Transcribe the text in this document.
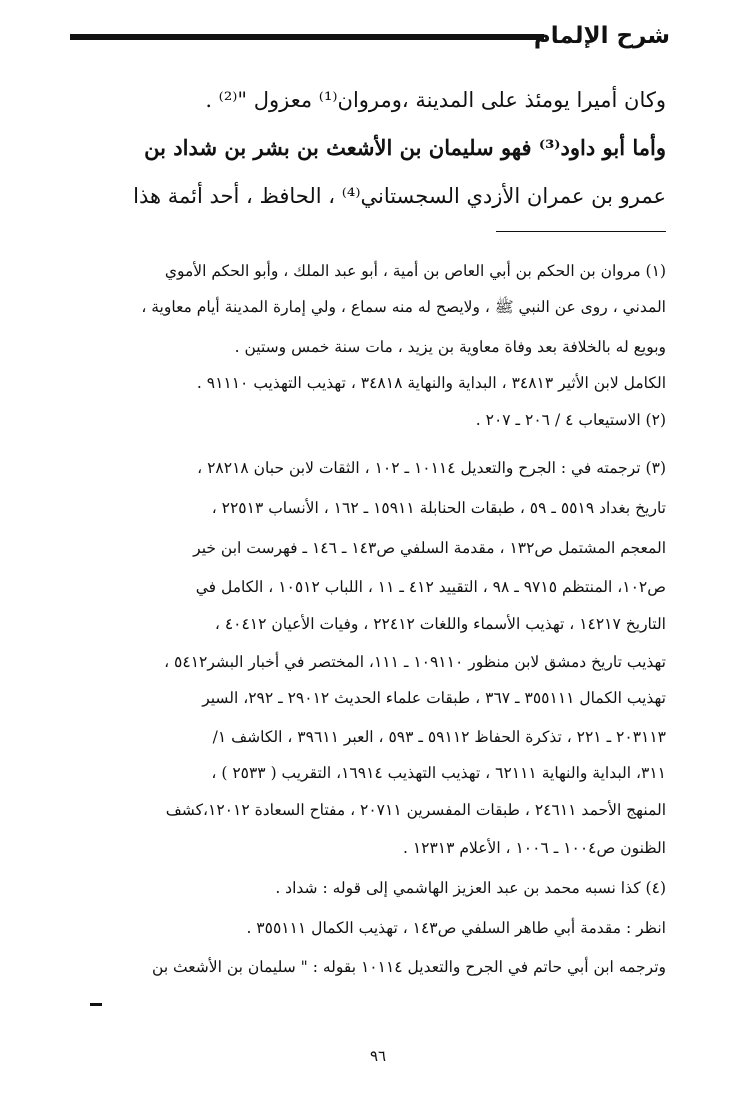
شرح الإلمام
وكان أميرا يومئذ على المدينة ،ومروان⁽¹⁾ معزول "⁽²⁾ .
وأما أبو داود⁽³⁾ فهو سليمان بن الأشعث بن بشر بن شداد بن
عمرو بن عمران الأزدي السجستاني⁽⁴⁾ ، الحافظ ، أحد أئمة هذا
(١) مروان بن الحكم بن أبي العاص بن أمية ، أبو عبد الملك ، وأبو الحكم الأموي
المدني ، روى عن النبي ﷺ ، ولايصح له منه سماع ، ولي إمارة المدينة أيام معاوية ،
وبويع له بالخلافة بعد وفاة معاوية بن يزيد ، مات سنة خمس وستين .
الكامل لابن الأثير ٣٤٨١٣ ، البداية والنهاية ٣٤٨١٨ ، تهذيب التهذيب ٩١١١٠ .
(٢) الاستيعاب ٤ / ٢٠٦ ـ ٢٠٧ .
(٣) ترجمته في : الجرح والتعديل ١٠١١٤ ـ ١٠٢ ، الثقات لابن حبان ٢٨٢١٨ ،
تاريخ بغداد ٥٥١٩ ـ ٥٩ ، طبقات الحنابلة ١٥٩١١ ـ ١٦٢ ، الأنساب ٢٢٥١٣ ،
المعجم المشتمل ص١٣٢ ، مقدمة السلفي ص١٤٣ ـ ١٤٦ ـ فهرست ابن خير
ص١٠٢، المنتظم ٩٧١٥ ـ ٩٨ ، التقييد ٤١٢ ـ ١١ ، اللباب ١٠٥١٢ ، الكامل في
التاريخ ١٤٢١٧ ، تهذيب الأسماء واللغات ٢٢٤١٢ ، وفيات الأعيان ٤٠٤١٢ ،
تهذيب تاريخ دمشق لابن منظور ١٠٩١١٠ ـ ١١١، المختصر في أخبار البشر٥٤١٢ ،
تهذيب الكمال ٣٥٥١١١ ـ ٣٦٧ ، طبقات علماء الحديث ٢٩٠١٢ ـ ٢٩٢، السير
٢٠٣١١٣ ـ ٢٢١ ، تذكرة الحفاظ ٥٩١١٢ ـ ٥٩٣ ، العبر ٣٩٦١١ ، الكاشف ١/
٣١١، البداية والنهاية ٦٢١١١ ، تهذيب التهذيب ١٦٩١٤، التقريب ( ٢٥٣٣ ) ،
المنهج الأحمد ٢٤٦١١ ، طبقات المفسرين ٢٠٧١١ ، مفتاح السعادة ١٢٠١٢،كشف
الظنون ص١٠٠٤ ـ ١٠٠٦ ، الأعلام ١٢٣١٣ .
(٤) كذا نسبه محمد بن عبد العزيز الهاشمي إلى قوله : شداد .
انظر : مقدمة أبي طاهر السلفي ص١٤٣ ، تهذيب الكمال ٣٥٥١١١ .
وترجمه ابن أبي حاتم في الجرح والتعديل ١٠١١٤ بقوله : " سليمان بن الأشعث بن
٩٦
